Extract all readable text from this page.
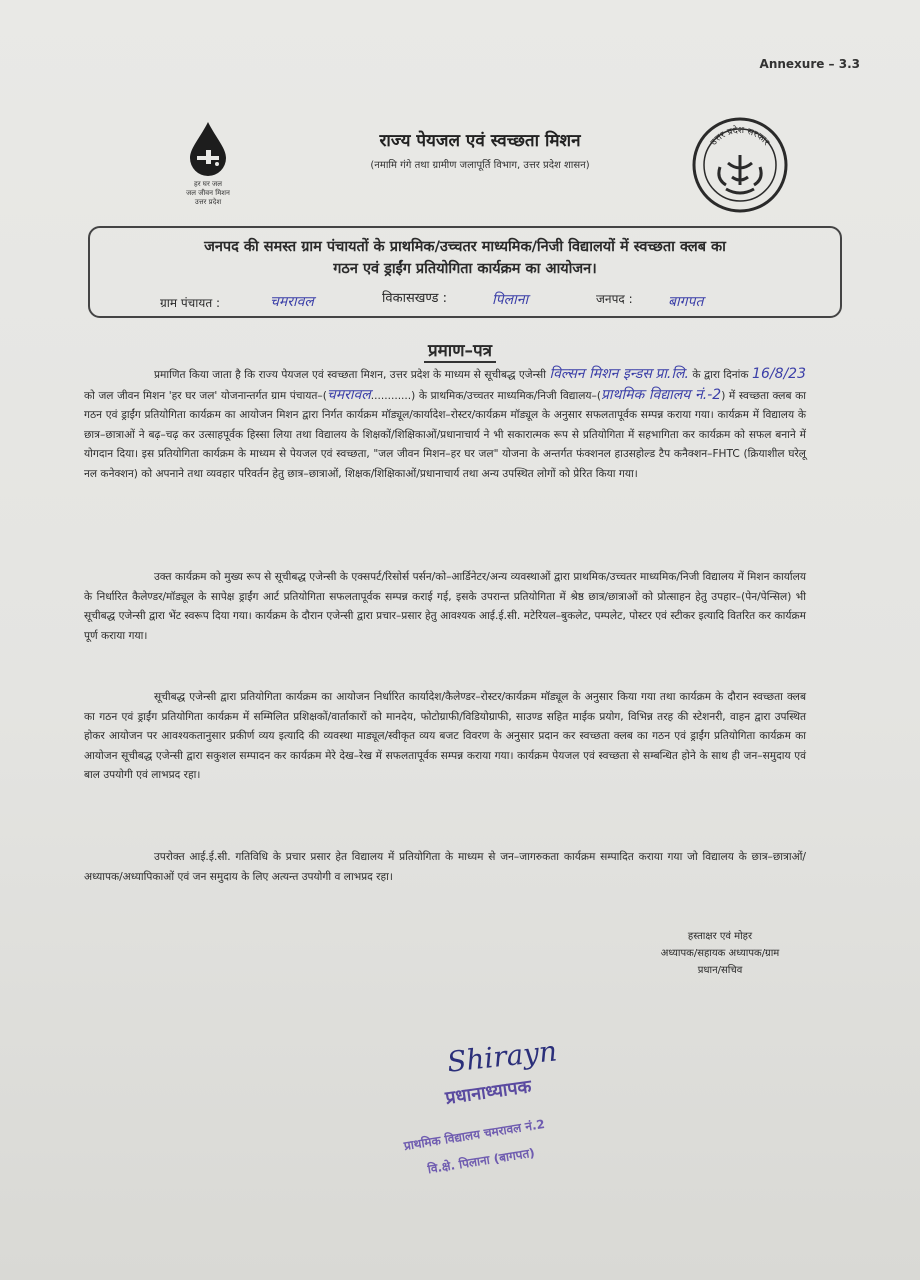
Annexure – 3.3
हर घर जल
जल जीवन मिशन
उत्तर प्रदेश
राज्य पेयजल एवं स्वच्छता मिशन
(नमामि गंगे तथा ग्रामीण जलापूर्ति विभाग, उत्तर प्रदेश शासन)
उत्तर प्रदेश सरकार
जनपद की समस्त ग्राम पंचायतों के प्राथमिक/उच्चतर माध्यमिक/निजी विद्यालयों में स्वच्छता क्लब का
गठन एवं ड्राईंग प्रतियोगिता कार्यक्रम का आयोजन।
ग्राम पंचायत :	चमरावल	विकासखण्ड :	पिलाना	जनपद :	बागपत
प्रमाण–पत्र
प्रमाणित किया जाता है कि राज्य पेयजल एवं स्वच्छता मिशन, उत्तर प्रदेश के माध्यम से सूचीबद्ध एजेन्सी विल्सन मिशन इन्डस प्रा.लि. के द्वारा दिनांक 16/8/23 को जल जीवन मिशन 'हर घर जल' योजनान्तर्गत ग्राम पंचायत–(चमरावल............) के प्राथमिक/उच्चतर माध्यमिक/निजी विद्यालय–(प्राथमिक विद्यालय नं.-2) में स्वच्छता क्लब का गठन एवं ड्राईंग प्रतियोगिता कार्यक्रम का आयोजन मिशन द्वारा निर्गत कार्यक्रम मॉड्यूल/कार्यादेश–रोस्टर/कार्यक्रम मॉड्यूल के अनुसार सफलतापूर्वक सम्पन्न कराया गया। कार्यक्रम में विद्यालय के छात्र–छात्राओं ने बढ़–चढ़ कर उत्साहपूर्वक हिस्सा लिया तथा विद्यालय के शिक्षकों/शिक्षिकाओं/प्रधानाचार्य ने भी सकारात्मक रूप से प्रतियोगिता में सहभागिता कर कार्यक्रम को सफल बनाने में योगदान दिया। इस प्रतियोगिता कार्यक्रम के माध्यम से पेयजल एवं स्वच्छता, "जल जीवन मिशन–हर घर जल" योजना के अन्तर्गत फंक्शनल हाउसहोल्ड टैप कनैक्शन–FHTC (क्रियाशील घरेलू नल कनेक्शन) को अपनाने तथा व्यवहार परिवर्तन हेतु छात्र–छात्राओं, शिक्षक/शिक्षिकाओं/प्रधानाचार्य तथा अन्य उपस्थित लोगों को प्रेरित किया गया।
उक्त कार्यक्रम को मुख्य रूप से सूचीबद्ध एजेन्सी के एक्सपर्ट/रिसोर्स पर्सन/को–आर्डिनेटर/अन्य व्यवस्थाओं द्वारा प्राथमिक/उच्चतर माध्यमिक/निजी विद्यालय में मिशन कार्यालय के निर्धारित कैलेण्डर/मॉड्यूल के सापेक्ष ड्राईंग आर्ट प्रतियोगिता सफलतापूर्वक सम्पन्न कराई गई, इसके उपरान्त प्रतियोगिता में श्रेष्ठ छात्र/छात्राओं को प्रोत्साहन हेतु उपहार–(पेन/पेन्सिल) भी सूचीबद्ध एजेन्सी द्वारा भेंट स्वरूप दिया गया। कार्यक्रम के दौरान एजेन्सी द्वारा प्रचार–प्रसार हेतु आवश्यक आई.ई.सी. मटेरियल–बुकलेट, पम्पलेट, पोस्टर एवं स्टीकर इत्यादि वितरित कर कार्यक्रम पूर्ण कराया गया।
सूचीबद्ध एजेन्सी द्वारा प्रतियोगिता कार्यक्रम का आयोजन निर्धारित कार्यादेश/कैलेण्डर–रोस्टर/कार्यक्रम मॉड्यूल के अनुसार किया गया तथा कार्यक्रम के दौरान स्वच्छता क्लब का गठन एवं ड्राईंग प्रतियोगिता कार्यक्रम में सम्मिलित प्रशिक्षकों/वार्ताकारों को मानदेय, फोटोग्राफी/विडियोग्राफी, साउण्ड सहित माईक प्रयोग, विभिन्न तरह की स्टेशनरी, वाहन द्वारा उपस्थित होकर आयोजन पर आवश्यकतानुसार प्रकीर्ण व्यय इत्यादि की व्यवस्था माड्यूल/स्वीकृत व्यय बजट विवरण के अनुसार प्रदान कर स्वच्छता क्लब का गठन एवं ड्राईंग प्रतियोगिता कार्यक्रम का आयोजन सूचीबद्ध एजेन्सी द्वारा सकुशल सम्पादन कर कार्यक्रम मेरे देख–रेख में सफलतापूर्वक सम्पन्न कराया गया। कार्यक्रम पेयजल एवं स्वच्छता से सम्बन्धित होने के साथ ही जन–समुदाय एवं बाल उपयोगी एवं लाभप्रद रहा।
उपरोक्त आई.ई.सी. गतिविधि के प्रचार प्रसार हेत विद्यालय में प्रतियोगिता के माध्यम से जन–जागरुकता कार्यक्रम सम्पादित कराया गया जो विद्यालय के छात्र–छात्राओं/अध्यापक/अध्यापिकाओं एवं जन समुदाय के लिए अत्यन्त उपयोगी व लाभप्रद रहा।
हस्ताक्षर एवं मोहर
अध्यापक/सहायक अध्यापक/ग्राम
प्रधान/सचिव
Shirayn
प्रधानाध्यापक
प्राथमिक विद्यालय चमरावल नं.2
वि.क्षे. पिलाना (बागपत)
